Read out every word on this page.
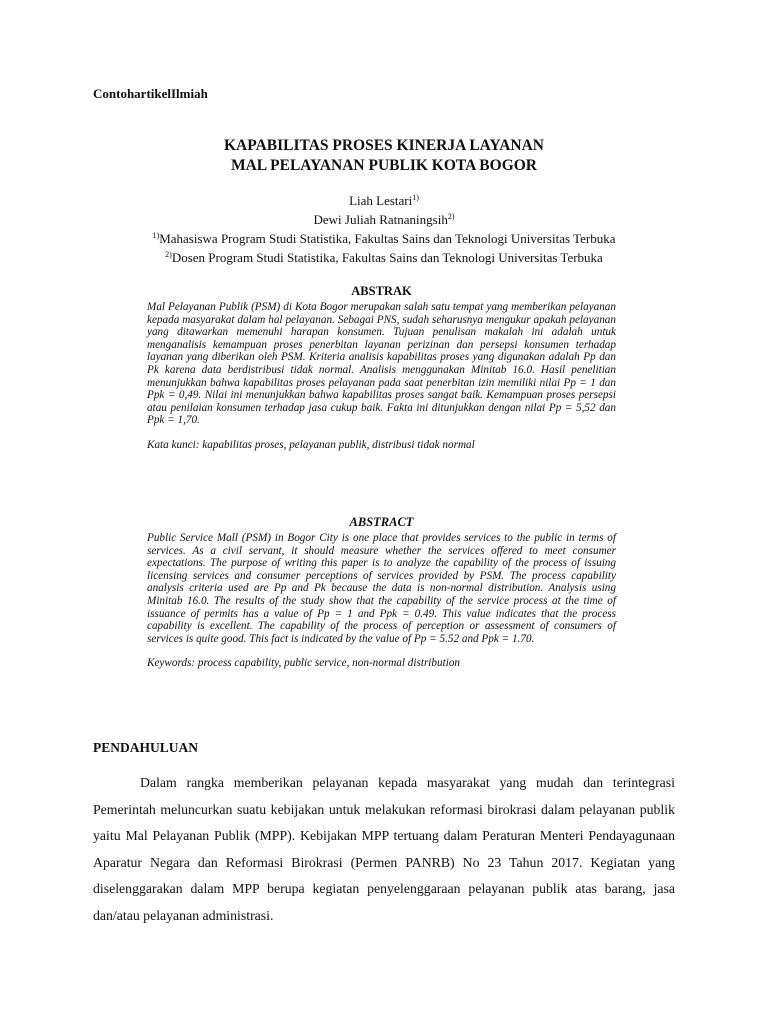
ContohartikelIlmiah
KAPABILITAS PROSES KINERJA LAYANAN
MAL PELAYANAN PUBLIK KOTA BOGOR
Liah Lestari$^{1)}$
Dewi Juliah Ratnaningsih$^{2)}$
$^{1)}$Mahasiswa Program Studi Statistika, Fakultas Sains dan Teknologi Universitas Terbuka
$^{2)}$Dosen Program Studi Statistika, Fakultas Sains dan Teknologi Universitas Terbuka
ABSTRAK

Mal Pelayanan Publik (PSM) di Kota Bogor merupakan salah satu tempat yang memberikan pelayanan kepada masyarakat dalam hal pelayanan. Sebagai PNS, sudah seharusnya mengukur apakah pelayanan yang ditawarkan memenuhi harapan konsumen. Tujuan penulisan makalah ini adalah untuk menganalisis kemampuan proses penerbitan layanan perizinan dan persepsi konsumen terhadap layanan yang diberikan oleh PSM. Kriteria analisis kapabilitas proses yang digunakan adalah Pp dan Pk karena data berdistribusi tidak normal. Analisis menggunakan Minitab 16.0. Hasil penelitian menunjukkan bahwa kapabilitas proses pelayanan pada saat penerbitan izin memiliki nilai Pp = 1 dan Ppk = 0,49. Nilai ini menunjukkan bahwa kapabilitas proses sangat baik. Kemampuan proses persepsi atau penilaian konsumen terhadap jasa cukup baik. Fakta ini ditunjukkan dengan nilai Pp = 5,52 dan Ppk = 1,70.

Kata kunci: kapabilitas proses, pelayanan publik, distribusi tidak normal
ABSTRACT

Public Service Mall (PSM) in Bogor City is one place that provides services to the public in terms of services. As a civil servant, it should measure whether the services offered to meet consumer expectations. The purpose of writing this paper is to analyze the capability of the process of issuing licensing services and consumer perceptions of services provided by PSM. The process capability analysis criteria used are Pp and Pk because the data is non-normal distribution. Analysis using Minitab 16.0. The results of the study show that the capability of the service process at the time of issuance of permits has a value of Pp = 1 and Ppk = 0.49. This value indicates that the process capability is excellent. The capability of the process of perception or assessment of consumers of services is quite good. This fact is indicated by the value of Pp = 5.52 and Ppk = 1.70.

Keywords: process capability, public service, non-normal distribution
PENDAHULUAN

Dalam rangka memberikan pelayanan kepada masyarakat yang mudah dan terintegrasi Pemerintah meluncurkan suatu kebijakan untuk melakukan reformasi birokrasi dalam pelayanan publik yaitu Mal Pelayanan Publik (MPP). Kebijakan MPP tertuang dalam Peraturan Menteri Pendayagunaan Aparatur Negara dan Reformasi Birokrasi (Permen PANRB) No 23 Tahun 2017. Kegiatan yang diselenggarakan dalam MPP berupa kegiatan penyelenggaraan pelayanan publik atas barang, jasa dan/atau pelayanan administrasi.
